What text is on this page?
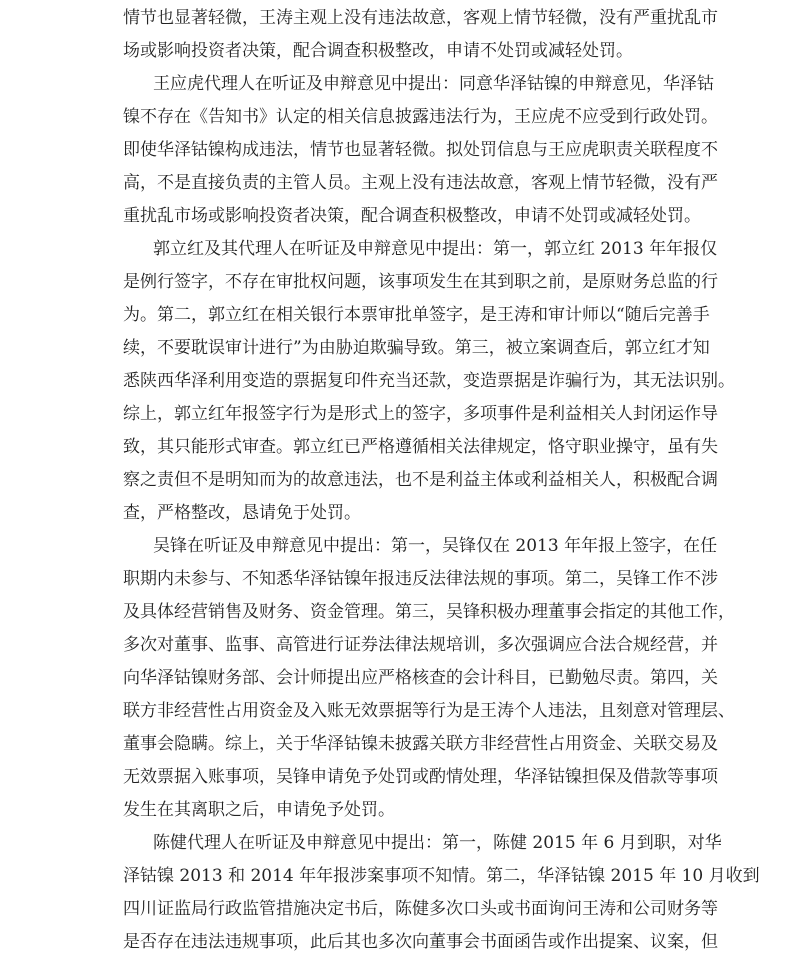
情节也显著轻微，王涛主观上没有违法故意，客观上情节轻微，没有严重扰乱市
场或影响投资者决策，配合调查积极整改，申请不处罚或减轻处罚。
王应虎代理人在听证及申辩意见中提出：同意华泽钴镍的申辩意见，华泽钴
镍不存在《告知书》认定的相关信息披露违法行为，王应虎不应受到行政处罚。
即使华泽钴镍构成违法，情节也显著轻微。拟处罚信息与王应虎职责关联程度不
高，不是直接负责的主管人员。主观上没有违法故意，客观上情节轻微，没有严
重扰乱市场或影响投资者决策，配合调查积极整改，申请不处罚或减轻处罚。
郭立红及其代理人在听证及申辩意见中提出：第一，郭立红 2013 年年报仅
是例行签字，不存在审批权问题，该事项发生在其到职之前，是原财务总监的行
为。第二，郭立红在相关银行本票审批单签字，是王涛和审计师以“随后完善手
续，不要耽误审计进行”为由胁迫欺骗导致。第三，被立案调查后，郭立红才知
悉陕西华泽利用变造的票据复印件充当还款，变造票据是诈骗行为，其无法识别。
综上，郭立红年报签字行为是形式上的签字，多项事件是利益相关人封闭运作导
致，其只能形式审查。郭立红已严格遵循相关法律规定，恪守职业操守，虽有失
察之责但不是明知而为的故意违法，也不是利益主体或利益相关人，积极配合调
查，严格整改，恳请免于处罚。
吴锋在听证及申辩意见中提出：第一，吴锋仅在 2013 年年报上签字，在任
职期内未参与、不知悉华泽钴镍年报违反法律法规的事项。第二，吴锋工作不涉
及具体经营销售及财务、资金管理。第三，吴锋积极办理董事会指定的其他工作，
多次对董事、监事、高管进行证券法律法规培训，多次强调应合法合规经营，并
向华泽钴镍财务部、会计师提出应严格核查的会计科目，已勤勉尽责。第四，关
联方非经营性占用资金及入账无效票据等行为是王涛个人违法，且刻意对管理层、
董事会隐瞒。综上，关于华泽钴镍未披露关联方非经营性占用资金、关联交易及
无效票据入账事项，吴锋申请免予处罚或酌情处理，华泽钴镍担保及借款等事项
发生在其离职之后，申请免予处罚。
陈健代理人在听证及申辩意见中提出：第一，陈健 2015 年 6 月到职，对华
泽钴镍 2013 和 2014 年年报涉案事项不知情。第二，华泽钴镍 2015 年 10 月收到
四川证监局行政监管措施决定书后，陈健多次口头或书面询问王涛和公司财务等
是否存在违法违规事项，此后其也多次向董事会书面函告或作出提案、议案，但
